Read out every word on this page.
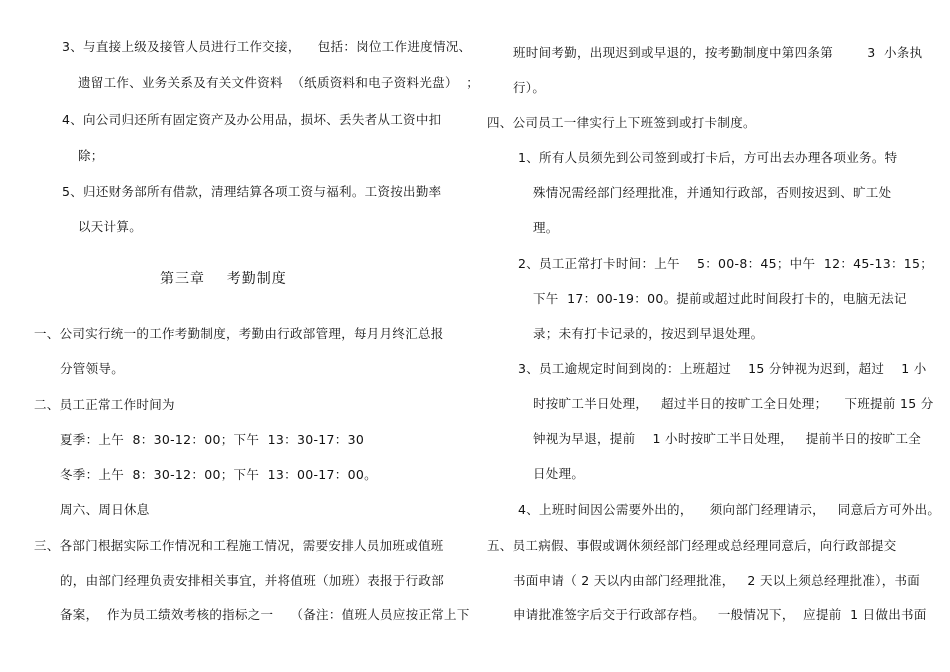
3、与直接上级及接管人员进行工作交接，    包括：岗位工作进度情况、
遗留工作、业务关系及有关文件资料  （纸质资料和电子资料光盘）  ；
4、向公司归还所有固定资产及办公用品，损坏、丢失者从工资中扣
除；
5、归还财务部所有借款，清理结算各项工资与福利。工资按出勤率
以天计算。
第三章    考勤制度
一、公司实行统一的工作考勤制度，考勤由行政部管理，每月月终汇总报
分管领导。
二、员工正常工作时间为
夏季：上午  8：30-12：00；下午  13：30-17：30
冬季：上午  8：30-12：00；下午  13：00-17：00。
周六、周日休息
三、各部门根据实际工作情况和工程施工情况，需要安排人员加班或值班
的，由部门经理负责安排相关事宜，并将值班（加班）表报于行政部
备案，  作为员工绩效考核的指标之一    （备注：值班人员应按正常上下
班时间考勤，出现迟到或早退的，按考勤制度中第四条第        3  小条执
行）。
四、公司员工一律实行上下班签到或打卡制度。
1、所有人员须先到公司签到或打卡后，方可出去办理各项业务。特
殊情况需经部门经理批准，并通知行政部，否则按迟到、旷工处
理。
2、员工正常打卡时间：上午    5：00-8：45；中午  12：45-13：15；
下午  17：00-19：00。提前或超过此时间段打卡的，电脑无法记
录；未有打卡记录的，按迟到早退处理。
3、员工逾规定时间到岗的：上班超过    15 分钟视为迟到，超过    1 小
时按旷工半日处理，   超过半日的按旷工全日处理；    下班提前 15 分
钟视为早退，提前    1 小时按旷工半日处理，   提前半日的按旷工全
日处理。
4、上班时间因公需要外出的，    须向部门经理请示，   同意后方可外出。
五、员工病假、事假或调休须经部门经理或总经理同意后，向行政部提交
书面申请（ 2 天以内由部门经理批准，   2 天以上须总经理批准），书面
申请批准签字后交于行政部存档。   一般情况下，  应提前  1 日做出书面
